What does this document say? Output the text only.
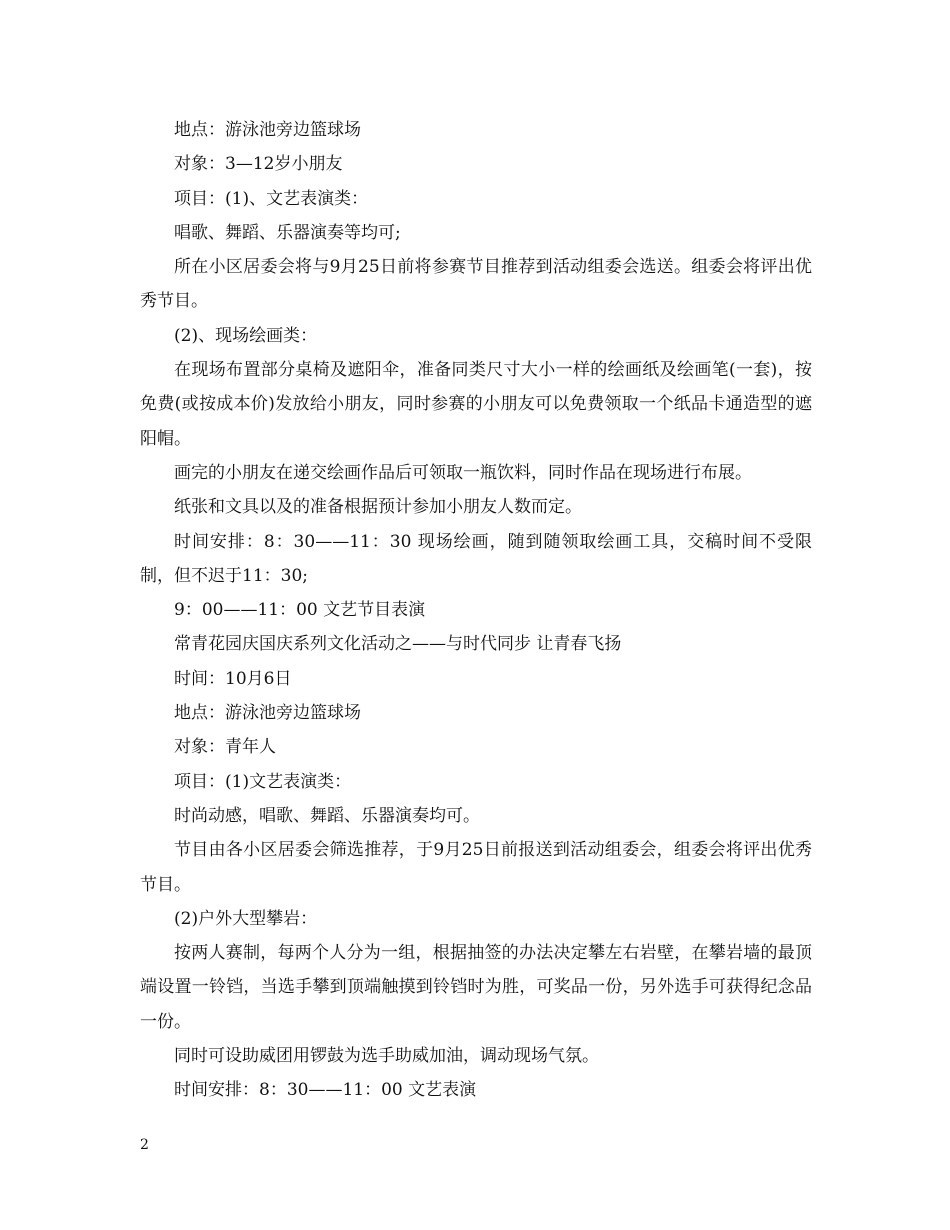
地点：游泳池旁边篮球场

对象：3—12岁小朋友

项目：(1)、文艺表演类：

唱歌、舞蹈、乐器演奏等均可;

所在小区居委会将与9月25日前将参赛节目推荐到活动组委会选送。组委会将评出优秀节目。

(2)、现场绘画类：

在现场布置部分桌椅及遮阳伞，准备同类尺寸大小一样的绘画纸及绘画笔(一套)，按免费(或按成本价)发放给小朋友，同时参赛的小朋友可以免费领取一个纸品卡通造型的遮阳帽。

画完的小朋友在递交绘画作品后可领取一瓶饮料，同时作品在现场进行布展。

纸张和文具以及的准备根据预计参加小朋友人数而定。

时间安排：8：30——11：30 现场绘画，随到随领取绘画工具，交稿时间不受限制，但不迟于11：30;

9：00——11：00 文艺节目表演

常青花园庆国庆系列文化活动之——与时代同步 让青春飞扬

时间：10月6日

地点：游泳池旁边篮球场

对象：青年人

项目：(1)文艺表演类：

时尚动感，唱歌、舞蹈、乐器演奏均可。

节目由各小区居委会筛选推荐，于9月25日前报送到活动组委会，组委会将评出优秀节目。

(2)户外大型攀岩：

按两人赛制，每两个人分为一组，根据抽签的办法决定攀左右岩壁，在攀岩墙的最顶端设置一铃铛，当选手攀到顶端触摸到铃铛时为胜，可奖品一份，另外选手可获得纪念品一份。

同时可设助威团用锣鼓为选手助威加油，调动现场气氛。

时间安排：8：30——11：00 文艺表演

2
